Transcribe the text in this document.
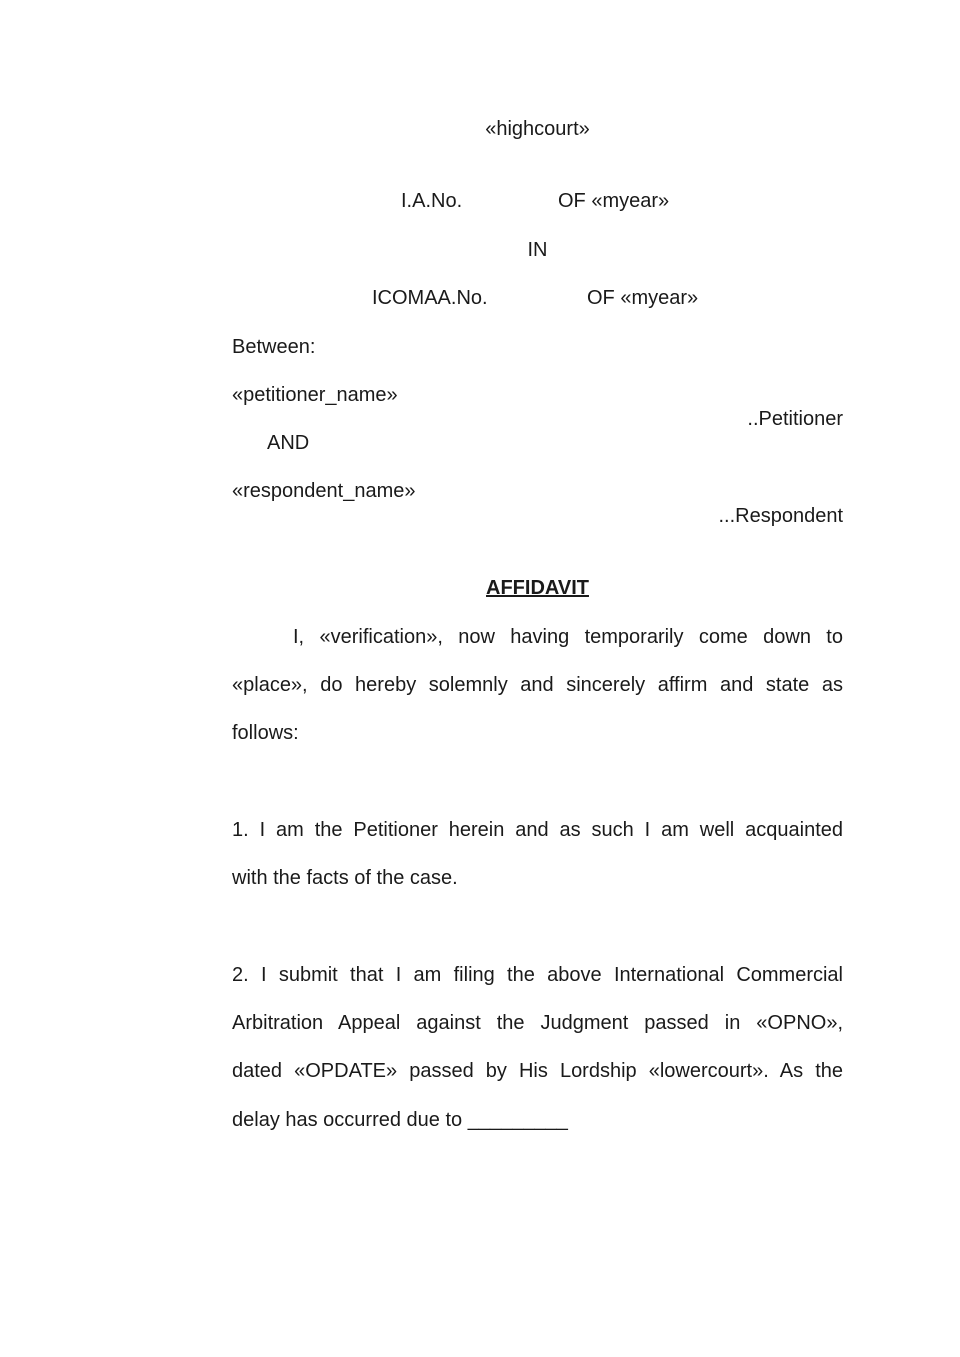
«highcourt»
I.A.No.	OF «myear»
IN
ICOMAA.No.	OF «myear»
Between:
«petitioner_name»
..Petitioner
AND
«respondent_name»
...Respondent
AFFIDAVIT
I, «verification», now having temporarily come down to
«place», do hereby solemnly and sincerely affirm and state as
follows:
1. I am the Petitioner herein and as such I am well acquainted
with the facts of the case.
2. I submit that I am filing the above International Commercial
Arbitration Appeal against the Judgment passed in «OPNO»,
dated «OPDATE» passed by His Lordship «lowercourt». As the
delay has occurred due to _________
